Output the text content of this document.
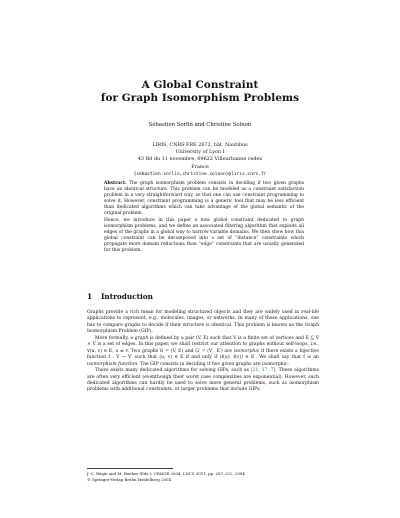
A Global Constraint
for Graph Isomorphism Problems
Sébastien Sorlin and Christine Solnon
LIRIS, CNRS FRE 2672, bât. Nautibus
University of Lyon I
43 Bd du 11 novembre, 69622 Villeurbanne cedex
France
{sebastien.sorlin,christine.solnon}@liris.cnrs.fr

Abstract. The graph isomorphism problem consists in deciding if two given graphs have an identical structure. This problem can be modeled as a constraint satisfaction problem in a very straightforward way, so that one can use constraint programming to solve it. However, constraint programming is a generic tool that may be less efficient than dedicated algorithms which can take advantage of the global semantic of the original problem.

Hence, we introduce in this paper a new global constraint dedicated to graph isomorphism problems, and we define an associated filtering algorithm that exploits all edges of the graphs in a global way to narrow variable domains. We then show how this global constraint can be decomposed into a set of “distance” constraints which propagate more domain reductions than “edge” constraints that are usually generated for this problem.

1 Introduction

Graphs provide a rich mean for modeling structured objects and they are widely used in real-life applications to represent, e.g., molecules, images, or networks. In many of these applications, one has to compare graphs to decide if their structure is identical. This problem is known as the Graph Isomorphism Problem (GIP).

More formally, a graph is defined by a pair (V, E) such that V is a finite set of vertices and E ⊆ V × V is a set of edges. In this paper, we shall restrict our attention to graphs without self-loops, i.e., ∀(u, v) ∈ E, u ≠ v. Two graphs G = (V, E) and G′ = (V′, E′) are isomorphic if there exists a bijective function f : V → V′ such that (u, v) ∈ E if and only if (f(u), f(v)) ∈ E′. We shall say that f is an isomorphism function. The GIP consists in deciding if two given graphs are isomorphic.

There exists many dedicated algorithms for solving GIPs, such as [21, 17, 7]. These algorithms are often very efficient (eventhough their worst case complexities are exponential). However, such dedicated algorithms can hardly be used to solve more general problems, such as isomorphism problems with additional constraints, or larger problems that include GIPs.

J.-C. Régin and M. Rueher (Eds.): CPAIOR 2004, LNCS 3011, pp. 287–302, 2004.
© Springer-Verlag Berlin Heidelberg 2004
